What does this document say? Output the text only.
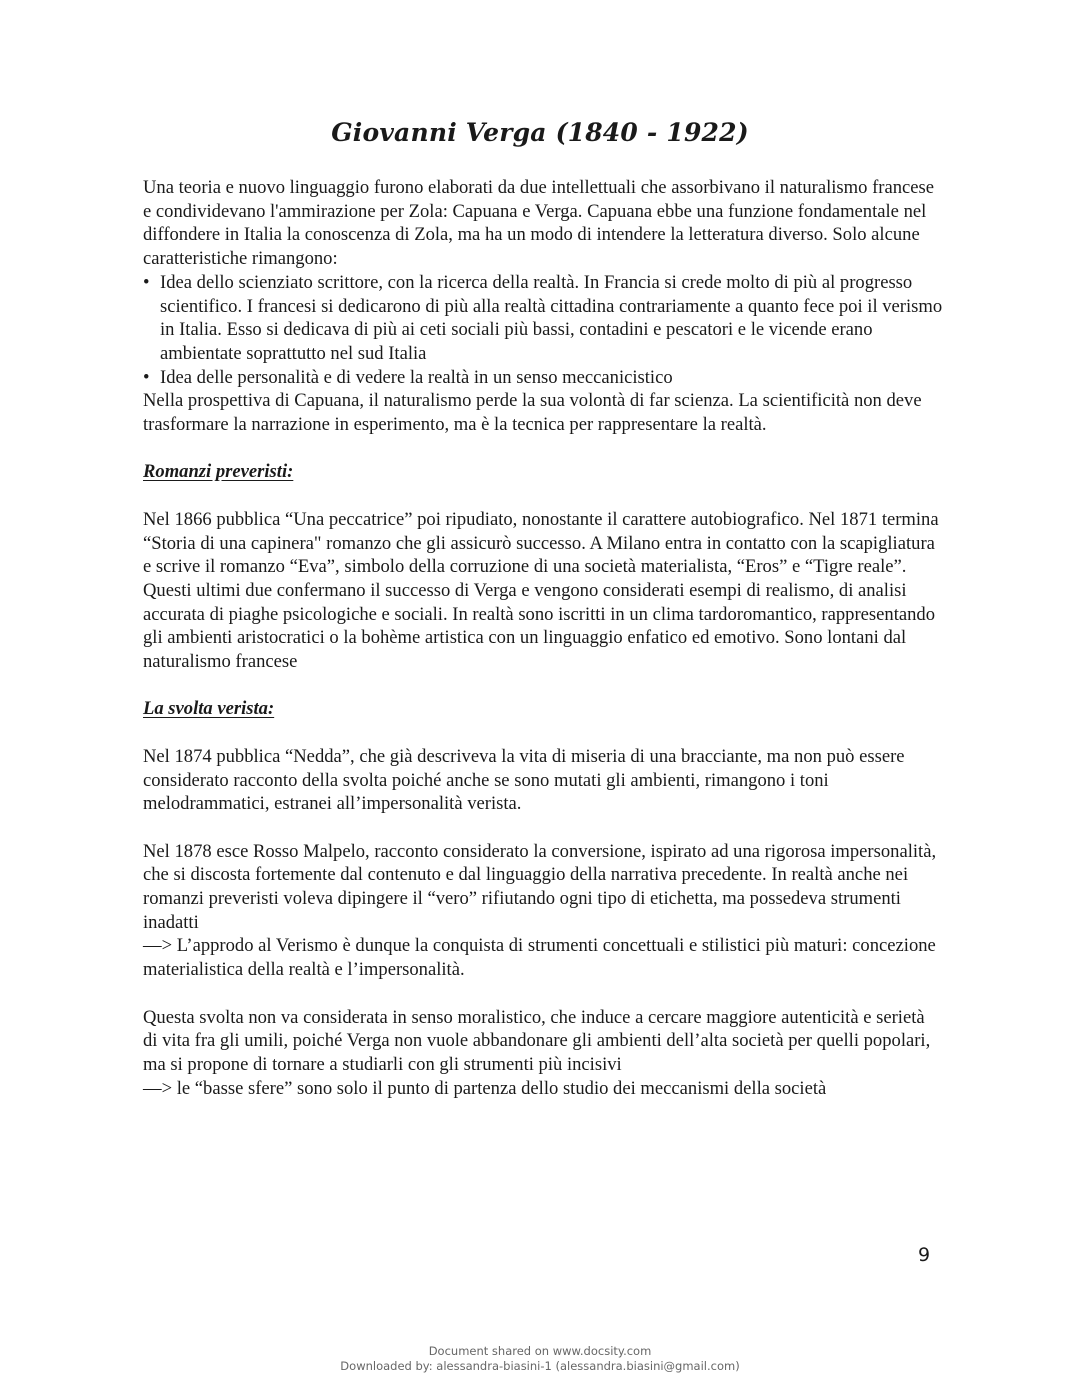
Giovanni Verga (1840 - 1922)

Una teoria e nuovo linguaggio furono elaborati da due intellettuali che assorbivano il naturalismo francese e condividevano l'ammirazione per Zola: Capuana e Verga. Capuana ebbe una funzione fondamentale nel diffondere in Italia la conoscenza di Zola, ma ha un modo di intendere la letteratura diverso. Solo alcune caratteristiche rimangono:

• Idea dello scienziato scrittore, con la ricerca della realtà. In Francia si crede molto di più al progresso scientifico. I francesi si dedicarono di più alla realtà cittadina contrariamente a quanto fece poi il verismo in Italia. Esso si dedicava di più ai ceti sociali più bassi, contadini e pescatori e le vicende erano ambientate soprattutto nel sud Italia
• Idea delle personalità e di vedere la realtà in un senso meccanicistico

Nella prospettiva di Capuana, il naturalismo perde la sua volontà di far scienza. La scientificità non deve trasformare la narrazione in esperimento, ma è la tecnica per rappresentare la realtà.

Romanzi preveristi:

Nel 1866 pubblica “Una peccatrice” poi ripudiato, nonostante il carattere autobiografico. Nel 1871 termina “Storia di una capinera" romanzo che gli assicurò successo. A Milano entra in contatto con la scapigliatura e scrive il romanzo “Eva”, simbolo della corruzione di una società materialista, “Eros” e “Tigre reale”. Questi ultimi due confermano il successo di Verga e vengono considerati esempi di realismo, di analisi accurata di piaghe psicologiche e sociali. In realtà sono iscritti in un clima tardoromantico, rappresentando gli ambienti aristocratici o la bohème artistica con un linguaggio enfatico ed emotivo. Sono lontani dal naturalismo francese

La svolta verista:

Nel 1874 pubblica “Nedda”, che già descriveva la vita di miseria di una bracciante, ma non può essere considerato racconto della svolta poiché anche se sono mutati gli ambienti, rimangono i toni melodrammatici, estranei all’impersonalità verista.

Nel 1878 esce Rosso Malpelo, racconto considerato la conversione, ispirato ad una rigorosa impersonalità, che si discosta fortemente dal contenuto e dal linguaggio della narrativa precedente. In realtà anche nei romanzi preveristi voleva dipingere il “vero” rifiutando ogni tipo di etichetta, ma possedeva strumenti inadatti

—> L’approdo al Verismo è dunque la conquista di strumenti concettuali e stilistici più maturi: concezione materialistica della realtà e l’impersonalità.

Questa svolta non va considerata in senso moralistico, che induce a cercare maggiore autenticità e serietà di vita fra gli umili, poiché Verga non vuole abbandonare gli ambienti dell’alta società per quelli popolari, ma si propone di tornare a studiarli con gli strumenti più incisivi

—> le “basse sfere” sono solo il punto di partenza dello studio dei meccanismi della società

9
Document shared on www.docsity.com
Downloaded by: alessandra-biasini-1 (alessandra.biasini@gmail.com)
